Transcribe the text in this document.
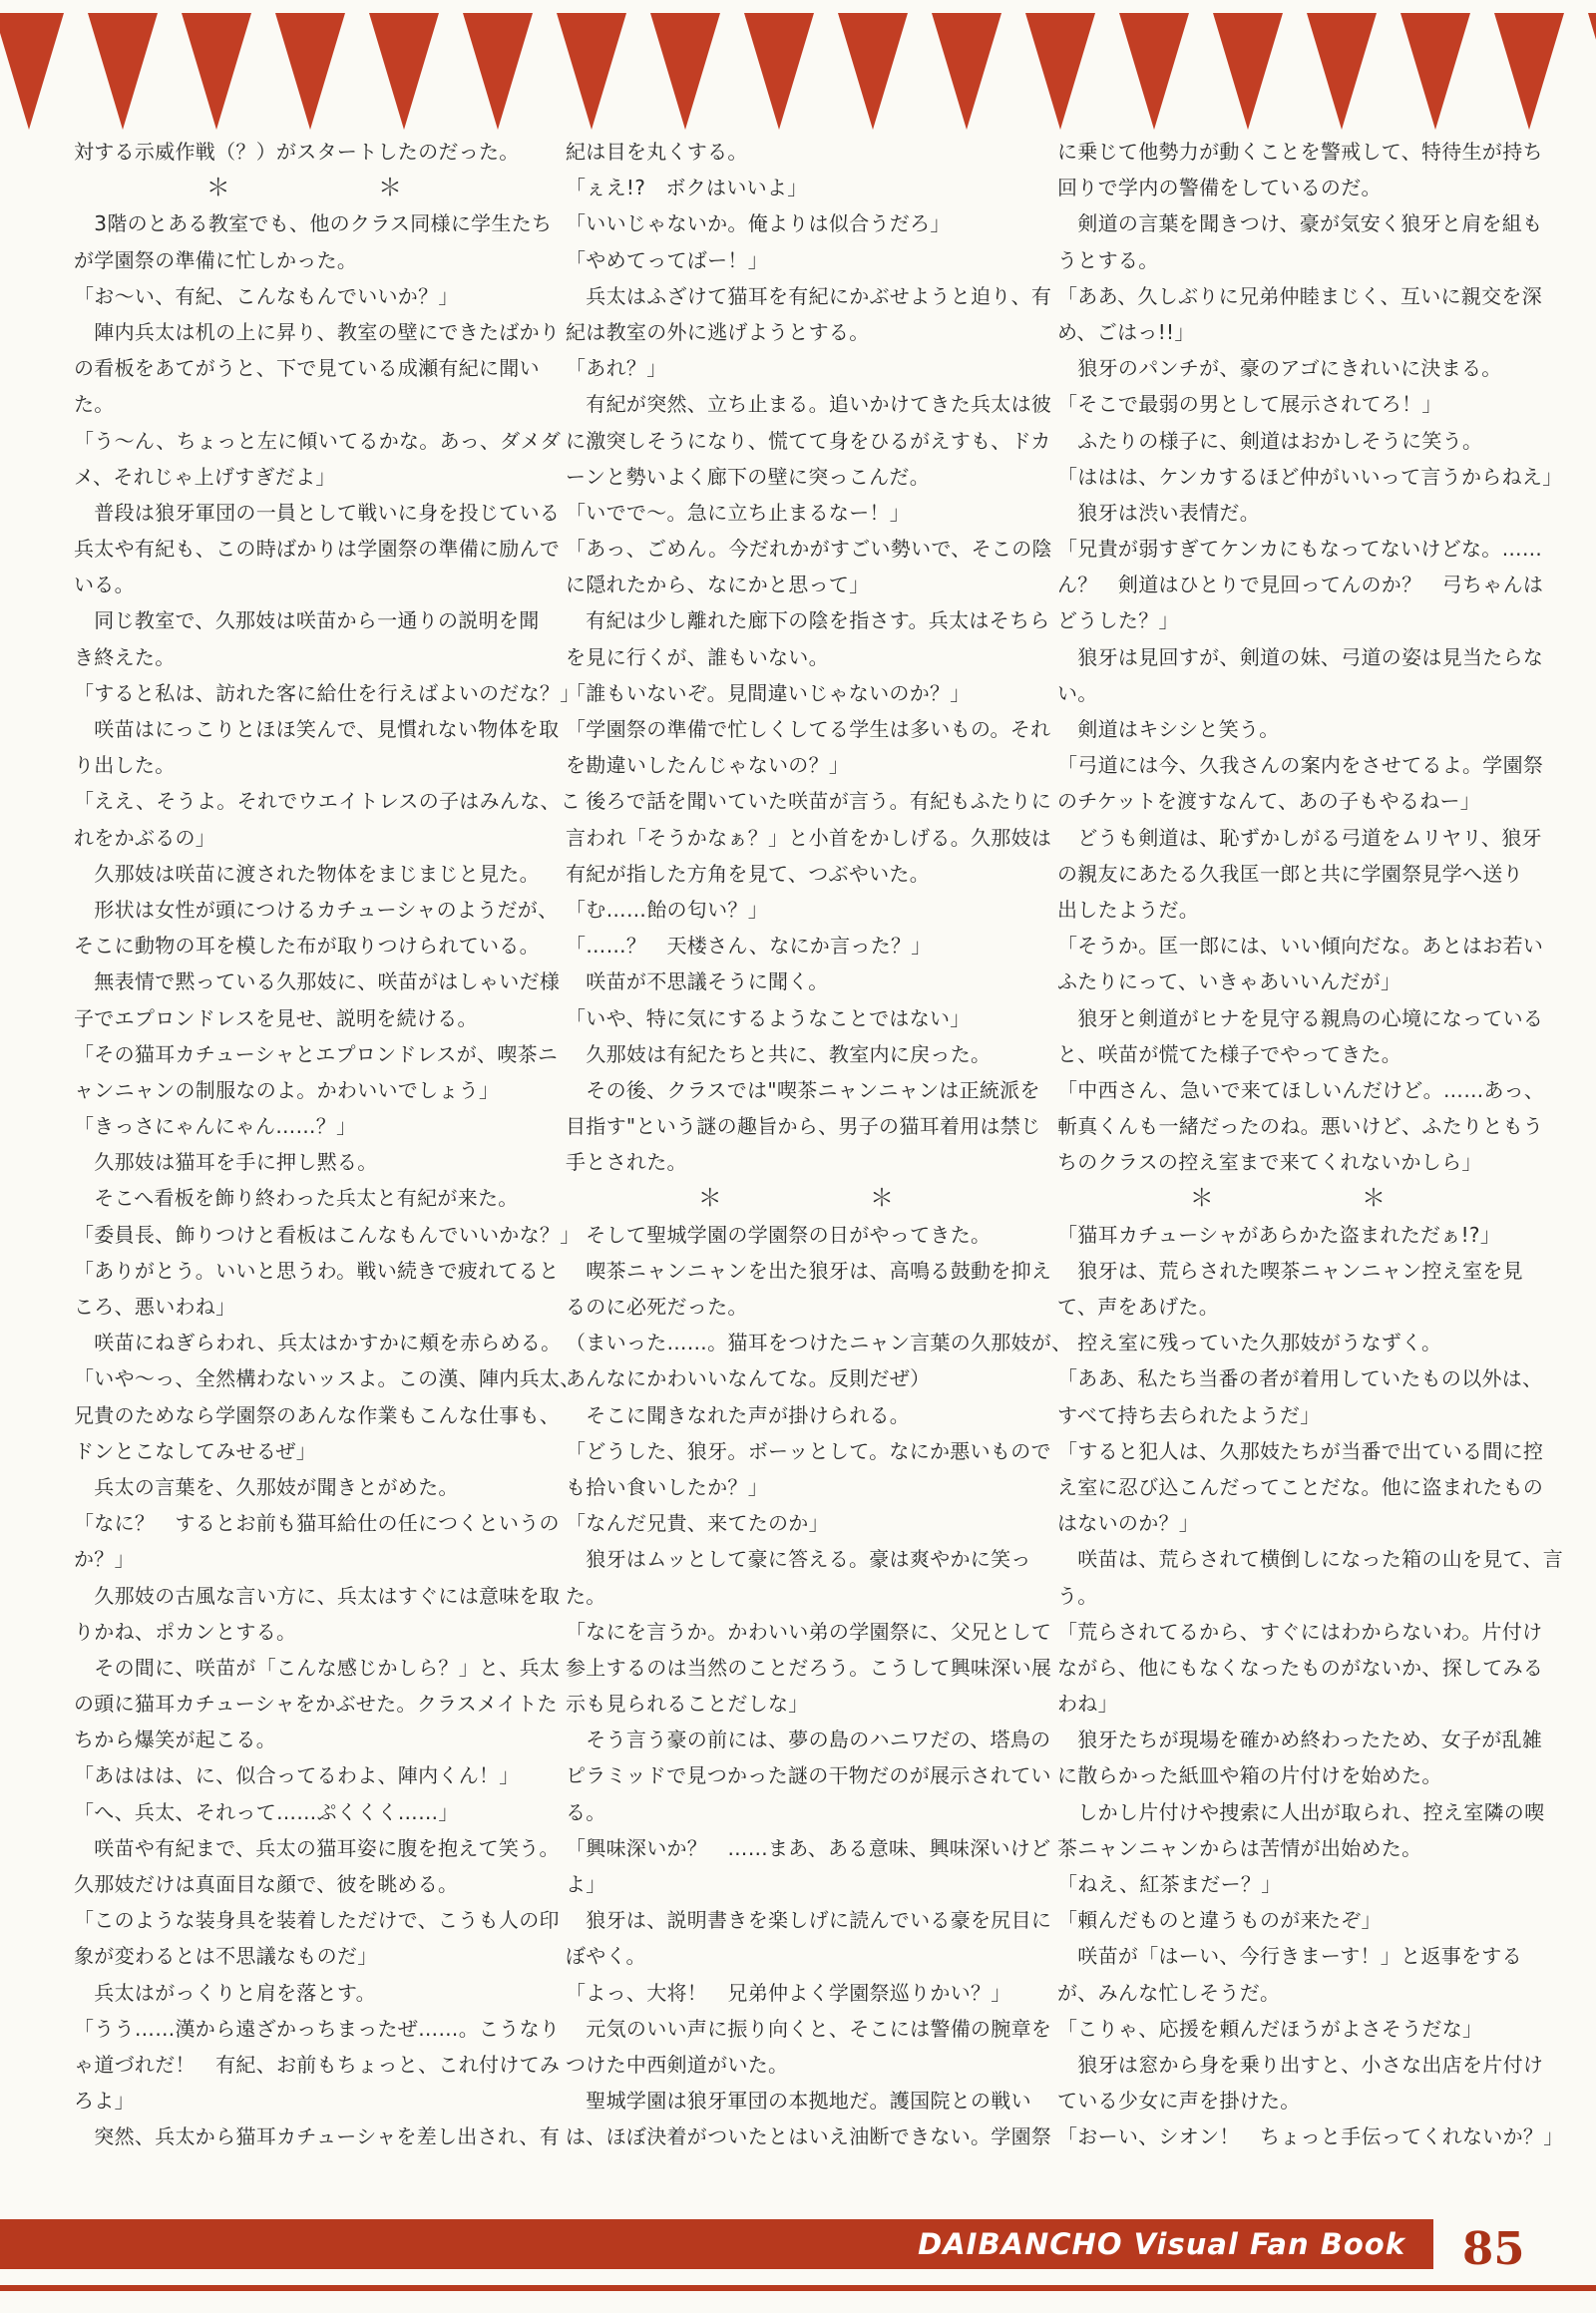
対する示威作戦（？）がスタートしたのだった。
＊	＊
　3階のとある教室でも、他のクラス同様に学生たち
が学園祭の準備に忙しかった。
「お〜い、有紀、こんなもんでいいか？」
　陣内兵太は机の上に昇り、教室の壁にできたばかり
の看板をあてがうと、下で見ている成瀬有紀に聞い
た。
「う〜ん、ちょっと左に傾いてるかな。あっ、ダメダ
メ、それじゃ上げすぎだよ」
　普段は狼牙軍団の一員として戦いに身を投じている
兵太や有紀も、この時ばかりは学園祭の準備に励んで
いる。
　同じ教室で、久那妓は咲苗から一通りの説明を聞
き終えた。
「すると私は、訪れた客に給仕を行えばよいのだな？」
　咲苗はにっこりとほほ笑んで、見慣れない物体を取
り出した。
「ええ、そうよ。それでウエイトレスの子はみんな、こ
れをかぶるの」
　久那妓は咲苗に渡された物体をまじまじと見た。
　形状は女性が頭につけるカチューシャのようだが、
そこに動物の耳を模した布が取りつけられている。
　無表情で黙っている久那妓に、咲苗がはしゃいだ様
子でエプロンドレスを見せ、説明を続ける。
「その猫耳カチューシャとエプロンドレスが、喫茶ニ
ャンニャンの制服なのよ。かわいいでしょう」
「きっさにゃんにゃん……？」
　久那妓は猫耳を手に押し黙る。
　そこへ看板を飾り終わった兵太と有紀が来た。
「委員長、飾りつけと看板はこんなもんでいいかな？」
「ありがとう。いいと思うわ。戦い続きで疲れてると
ころ、悪いわね」
　咲苗にねぎらわれ、兵太はかすかに頬を赤らめる。
「いや〜っ、全然構わないッスよ。この漢、陣内兵太、
兄貴のためなら学園祭のあんな作業もこんな仕事も、
ドンとこなしてみせるぜ」
　兵太の言葉を、久那妓が聞きとがめた。
「なに？　するとお前も猫耳給仕の任につくというの
か？」
　久那妓の古風な言い方に、兵太はすぐには意味を取
りかね、ポカンとする。
　その間に、咲苗が「こんな感じかしら？」と、兵太
の頭に猫耳カチューシャをかぶせた。クラスメイトた
ちから爆笑が起こる。
「あははは、に、似合ってるわよ、陣内くん！」
「へ、兵太、それって……ぷくくく……」
　咲苗や有紀まで、兵太の猫耳姿に腹を抱えて笑う。
久那妓だけは真面目な顔で、彼を眺める。
「このような装身具を装着しただけで、こうも人の印
象が変わるとは不思議なものだ」
　兵太はがっくりと肩を落とす。
「うう……漢から遠ざかっちまったぜ……。こうなり
ゃ道づれだ！　有紀、お前もちょっと、これ付けてみ
ろよ」
　突然、兵太から猫耳カチューシャを差し出され、有
紀は目を丸くする。
「ぇえ!?　ボクはいいよ」
「いいじゃないか。俺よりは似合うだろ」
「やめてってばー！」
　兵太はふざけて猫耳を有紀にかぶせようと迫り、有
紀は教室の外に逃げようとする。
「あれ？」
　有紀が突然、立ち止まる。追いかけてきた兵太は彼
に激突しそうになり、慌てて身をひるがえすも、ドカ
ーンと勢いよく廊下の壁に突っこんだ。
「いでで〜。急に立ち止まるなー！」
「あっ、ごめん。今だれかがすごい勢いで、そこの陰
に隠れたから、なにかと思って」
　有紀は少し離れた廊下の陰を指さす。兵太はそちら
を見に行くが、誰もいない。
「誰もいないぞ。見間違いじゃないのか？」
「学園祭の準備で忙しくしてる学生は多いもの。それ
を勘違いしたんじゃないの？」
　後ろで話を聞いていた咲苗が言う。有紀もふたりに
言われ「そうかなぁ？」と小首をかしげる。久那妓は
有紀が指した方角を見て、つぶやいた。
「む……飴の匂い？」
「……？　天楼さん、なにか言った？」
　咲苗が不思議そうに聞く。
「いや、特に気にするようなことではない」
　久那妓は有紀たちと共に、教室内に戻った。
　その後、クラスでは"喫茶ニャンニャンは正統派を
目指す"という謎の趣旨から、男子の猫耳着用は禁じ
手とされた。
＊	＊
　そして聖城学園の学園祭の日がやってきた。
　喫茶ニャンニャンを出た狼牙は、高鳴る鼓動を抑え
るのに必死だった。
（まいった……。猫耳をつけたニャン言葉の久那妓が、
あんなにかわいいなんてな。反則だぜ）
　そこに聞きなれた声が掛けられる。
「どうした、狼牙。ボーッとして。なにか悪いもので
も拾い食いしたか？」
「なんだ兄貴、来てたのか」
　狼牙はムッとして豪に答える。豪は爽やかに笑っ
た。
「なにを言うか。かわいい弟の学園祭に、父兄として
参上するのは当然のことだろう。こうして興味深い展
示も見られることだしな」
　そう言う豪の前には、夢の島のハニワだの、塔鳥の
ピラミッドで見つかった謎の干物だのが展示されてい
る。
「興味深いか？　……まあ、ある意味、興味深いけど
よ」
　狼牙は、説明書きを楽しげに読んでいる豪を尻目に
ぼやく。
「よっ、大将！　兄弟仲よく学園祭巡りかい？」
　元気のいい声に振り向くと、そこには警備の腕章を
つけた中西剣道がいた。
　聖城学園は狼牙軍団の本拠地だ。護国院との戦い
は、ほぼ決着がついたとはいえ油断できない。学園祭
に乗じて他勢力が動くことを警戒して、特待生が持ち
回りで学内の警備をしているのだ。
　剣道の言葉を聞きつけ、豪が気安く狼牙と肩を組も
うとする。
「ああ、久しぶりに兄弟仲睦まじく、互いに親交を深
め、ごはっ!!」
　狼牙のパンチが、豪のアゴにきれいに決まる。
「そこで最弱の男として展示されてろ！」
　ふたりの様子に、剣道はおかしそうに笑う。
「ははは、ケンカするほど仲がいいって言うからねえ」
　狼牙は渋い表情だ。
「兄貴が弱すぎてケンカにもなってないけどな。……
ん？　剣道はひとりで見回ってんのか？　弓ちゃんは
どうした？」
　狼牙は見回すが、剣道の妹、弓道の姿は見当たらな
い。
　剣道はキシシと笑う。
「弓道には今、久我さんの案内をさせてるよ。学園祭
のチケットを渡すなんて、あの子もやるねー」
　どうも剣道は、恥ずかしがる弓道をムリヤリ、狼牙
の親友にあたる久我匡一郎と共に学園祭見学へ送り
出したようだ。
「そうか。匡一郎には、いい傾向だな。あとはお若い
ふたりにって、いきゃあいいんだが」
　狼牙と剣道がヒナを見守る親鳥の心境になっている
と、咲苗が慌てた様子でやってきた。
「中西さん、急いで来てほしいんだけど。……あっ、
斬真くんも一緒だったのね。悪いけど、ふたりともう
ちのクラスの控え室まで来てくれないかしら」
＊	＊
「猫耳カチューシャがあらかた盗まれただぁ!?」
　狼牙は、荒らされた喫茶ニャンニャン控え室を見
て、声をあげた。
　控え室に残っていた久那妓がうなずく。
「ああ、私たち当番の者が着用していたもの以外は、
すべて持ち去られたようだ」
「すると犯人は、久那妓たちが当番で出ている間に控
え室に忍び込こんだってことだな。他に盗まれたもの
はないのか？」
　咲苗は、荒らされて横倒しになった箱の山を見て、言
う。
「荒らされてるから、すぐにはわからないわ。片付け
ながら、他にもなくなったものがないか、探してみる
わね」
　狼牙たちが現場を確かめ終わったため、女子が乱雑
に散らかった紙皿や箱の片付けを始めた。
　しかし片付けや捜索に人出が取られ、控え室隣の喫
茶ニャンニャンからは苦情が出始めた。
「ねえ、紅茶まだー？」
「頼んだものと違うものが来たぞ」
　咲苗が「はーい、今行きまーす！」と返事をする
が、みんな忙しそうだ。
「こりゃ、応援を頼んだほうがよさそうだな」
　狼牙は窓から身を乗り出すと、小さな出店を片付け
ている少女に声を掛けた。
「おーい、シオン！　ちょっと手伝ってくれないか？」
DAIBANCHO Visual Fan Book	85
